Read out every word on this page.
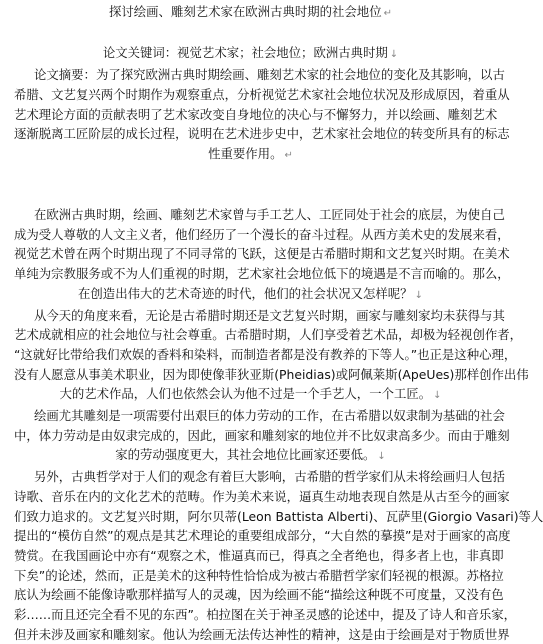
探讨绘画、雕刻艺术家在欧洲古典时期的社会地位 ↵
论文关键词：视觉艺术家；社会地位；欧洲古典时期 ↓
论文摘要：为了探究欧洲古典时期绘画、雕刻艺术家的社会地位的变化及其影响，以古
希腊、文艺复兴两个时期作为观察重点，分析视觉艺术家社会地位状况及形成原因，着重从
艺术理论方面的贡献表明了艺术家改变自身地位的决心与不懈努力，并以绘画、雕刻艺术
逐渐脱离工匠阶层的成长过程，说明在艺术进步史中，艺术家社会地位的转变所具有的标志
性重要作用。 ↵
在欧洲古典时期，绘画、雕刻艺术家曾与手工艺人、工匠同处于社会的底层，为使自己
成为受人尊敬的人文主义者，他们经历了一个漫长的奋斗过程。从西方美术史的发展来看，
视觉艺术曾在两个时期出现了不同寻常的飞跃，这便是古希腊时期和文艺复兴时期。在美术
单纯为宗教服务或不为人们重视的时期，艺术家社会地位低下的境遇是不言而喻的。那么，
在创造出伟大的艺术奇迹的时代，他们的社会状况又怎样呢？ ↓
从今天的角度来看，无论是古希腊时期还是文艺复兴时期，画家与雕刻家均未获得与其
艺术成就相应的社会地位与社会尊重。古希腊时期，人们享受着艺术品，却极为轻视创作者，
“这就好比带给我们欢娱的香料和染料，而制造者都是没有教养的下等人。”也正是这种心理，
没有人愿意从事美术职业，因为即使像菲狄亚斯(Pheidias)或阿佩莱斯(ApeUes)那样创作出伟
大的艺术作品，人们也依然会认为他不过是一个手艺人，一个工匠。 ↓
绘画尤其雕刻是一项需要付出艰巨的体力劳动的工作，在古希腊以奴隶制为基础的社会
中，体力劳动是由奴隶完成的，因此，画家和雕刻家的地位并不比奴隶高多少。而由于雕刻
家的劳动强度更大，其社会地位比画家还要低。 ↓
另外，古典哲学对于人们的观念有着巨大影响，古希腊的哲学家们从未将绘画归人包括
诗歌、音乐在内的文化艺术的范畴。作为美术来说，逼真生动地表现自然是从古至今的画家
们致力追求的。文艺复兴时期，阿尔贝蒂(Leon Battista Alberti)、瓦萨里(Giorgio Vasari)等人
提出的“模仿自然”的观点是其艺术理论的重要组成部分，“大自然的摹摸”是对于画家的高度
赞赏。在我国画论中亦有“观察之术，惟逼真而已，得真之全者绝也，得多者上也，非真即
下矣”的论述，然而，正是美术的这种特性恰恰成为被古希腊哲学家们轻视的根源。苏格拉
底认为绘画不能像诗歌那样描写人的灵魂，因为绘画不能“描绘这种既不可度量，又没有色
彩……而且还完全看不见的东西”。柏拉图在关于神圣灵感的论述中，提及了诗人和音乐家，
但并未涉及画家和雕刻家。他认为绘画无法传达神性的精神，这是由于绘画是对于物质世界
